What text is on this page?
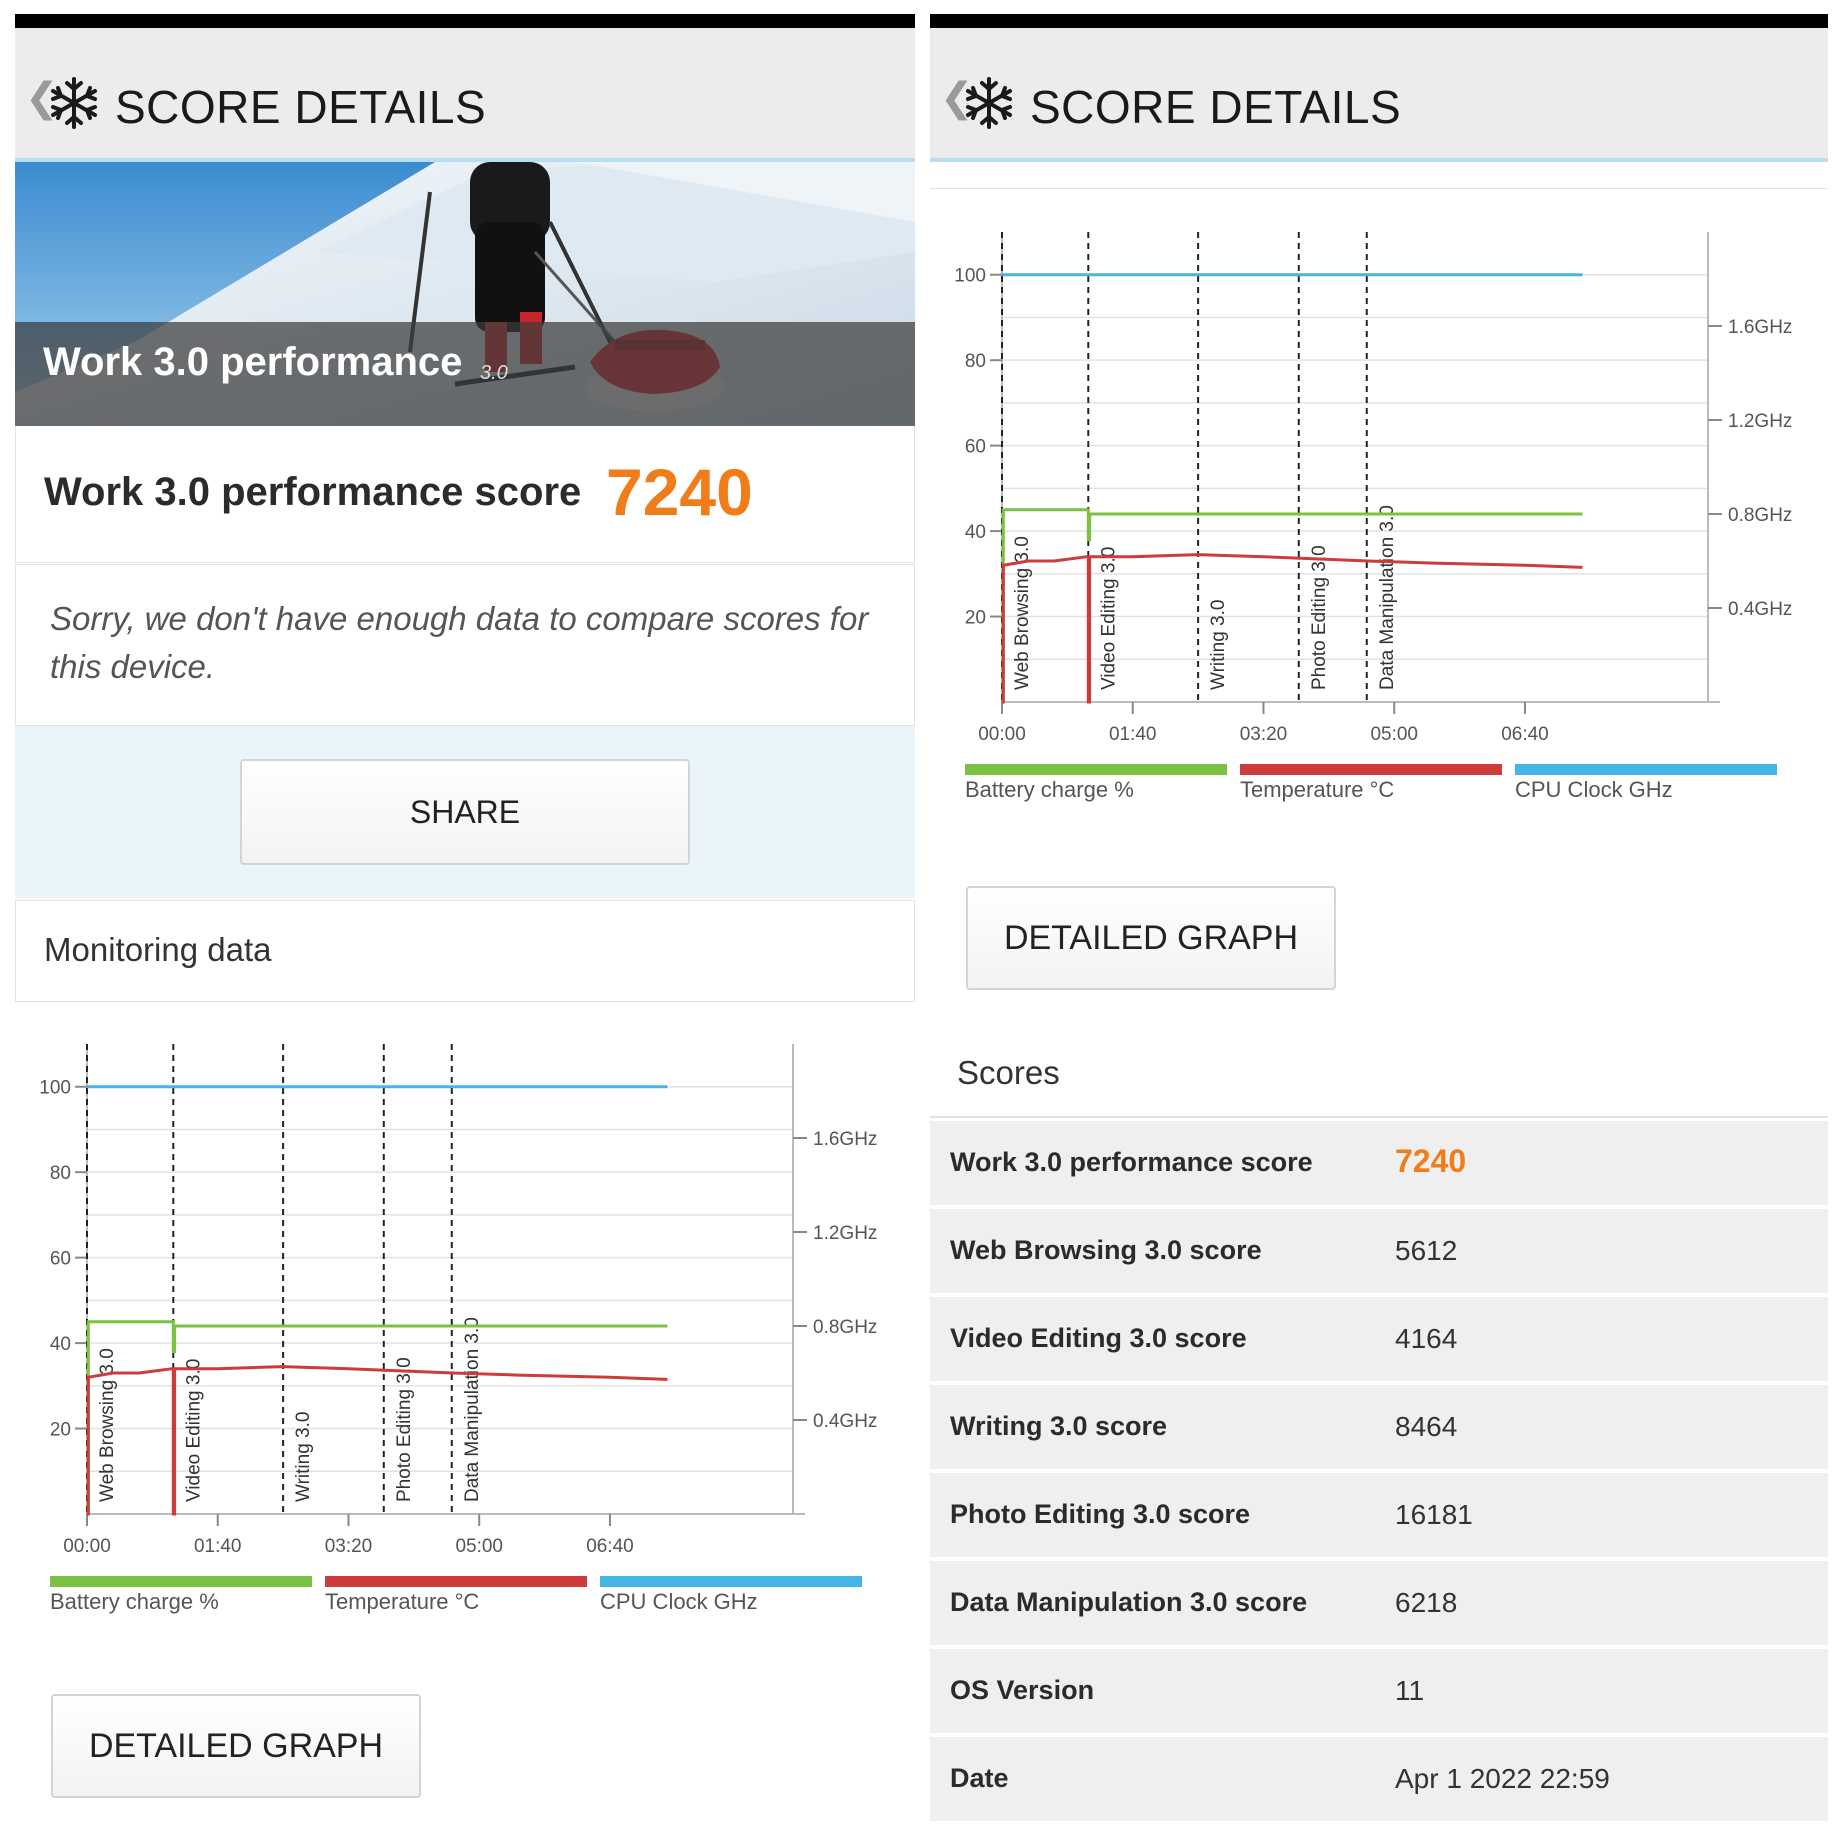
❮ SCORE DETAILS
Work 3.0 performance 3.0
Work 3.0 performance score 7240
Sorry, we don't have enough data to compare scores for this device.
SHARE
Monitoring data
20
40
60
80
100
0.4GHz
0.8GHz
1.2GHz
1.6GHz
00:00	01:40	03:20	05:00	06:40
Web Browsing 3.0	Video Editing 3.0	Writing 3.0	Photo Editing 3.0 Data Manipulation 3.0
Battery charge %	Temperature °C	CPU Clock GHz
DETAILED GRAPH
❮ SCORE DETAILS
20
40
60
80
100
0.4GHz
0.8GHz
1.2GHz
1.6GHz
00:00	01:40	03:20	05:00	06:40
Web Browsing 3.0	Video Editing 3.0	Writing 3.0	Photo Editing 3.0 Data Manipulation 3.0
Battery charge %	Temperature °C	CPU Clock GHz
DETAILED GRAPH
Scores
Work 3.0 performance score	7240
Web Browsing 3.0 score	5612
Video Editing 3.0 score	4164
Writing 3.0 score	8464
Photo Editing 3.0 score	16181
Data Manipulation 3.0 score	6218
OS Version	11
Date	Apr 1 2022 22:59
